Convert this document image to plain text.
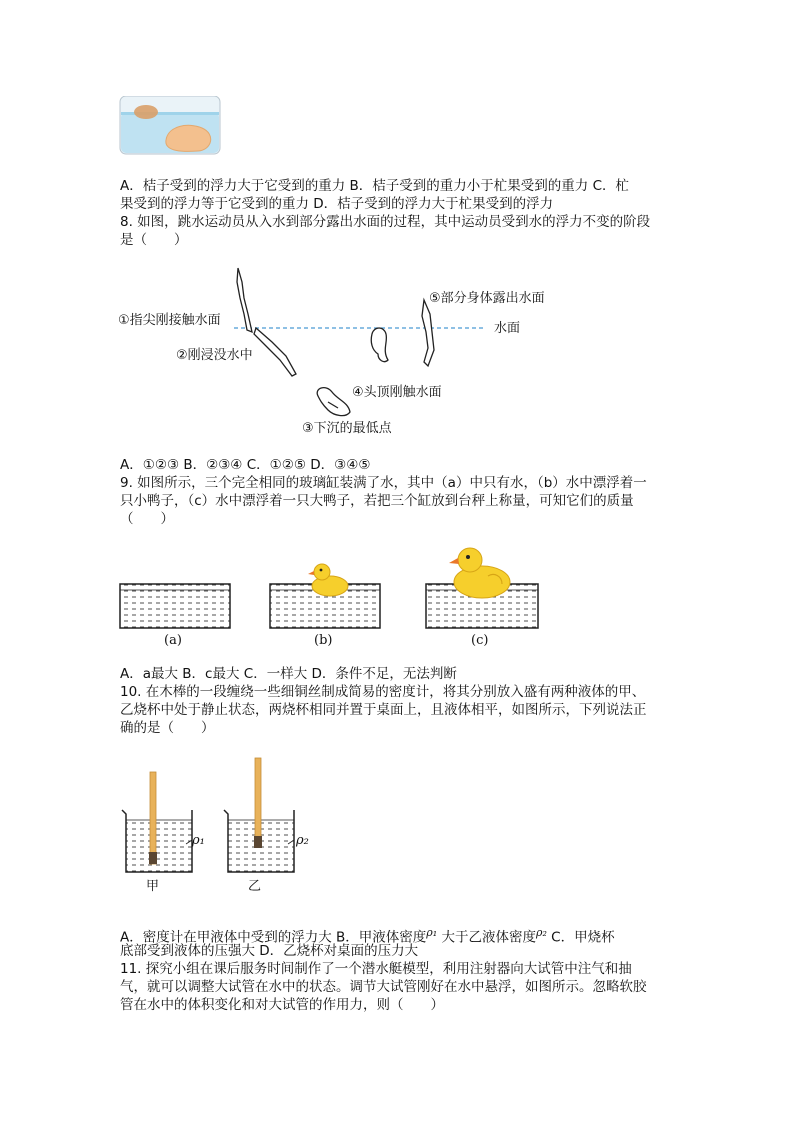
A．桔子受到的浮力大于它受到的重力 B．桔子受到的重力小于杧果受到的重力 C．杧
果受到的浮力等于它受到的重力 D．桔子受到的浮力大于杧果受到的浮力
8. 如图，跳水运动员从入水到部分露出水面的过程，其中运动员受到水的浮力不变的阶段
是（　　）
水面
①指尖刚接触水面
②刚浸没水中
③下沉的最低点
④头顶刚触水面
⑤部分身体露出水面
A．①②③ B．②③④ C．①②⑤ D．③④⑤
9. 如图所示，三个完全相同的玻璃缸装满了水，其中（a）中只有水，（b）水中漂浮着一
只小鸭子，（c）水中漂浮着一只大鸭子，若把三个缸放到台秤上称量，可知它们的质量
（　　）
(a)	(b)	(c)
A．a最大 B．c最大 C．一样大 D．条件不足，无法判断
10. 在木棒的一段缠绕一些细铜丝制成简易的密度计，将其分别放入盛有两种液体的甲、
乙烧杯中处于静止状态，两烧杯相同并置于桌面上，且液体相平，如图所示，下列说法正
确的是（　　）
ρ₁	ρ₂
甲	乙
A．密度计在甲液体中受到的浮力大 B．甲液体密度$^{\rho_1}$ 大于乙液体密度$^{\rho_2}$ C．甲烧杯
底部受到液体的压强大 D．乙烧杯对桌面的压力大
11. 探究小组在课后服务时间制作了一个潜水艇模型，利用注射器向大试管中注气和抽
气，就可以调整大试管在水中的状态。调节大试管刚好在水中悬浮，如图所示。忽略软胶
管在水中的体积变化和对大试管的作用力，则（　　）
